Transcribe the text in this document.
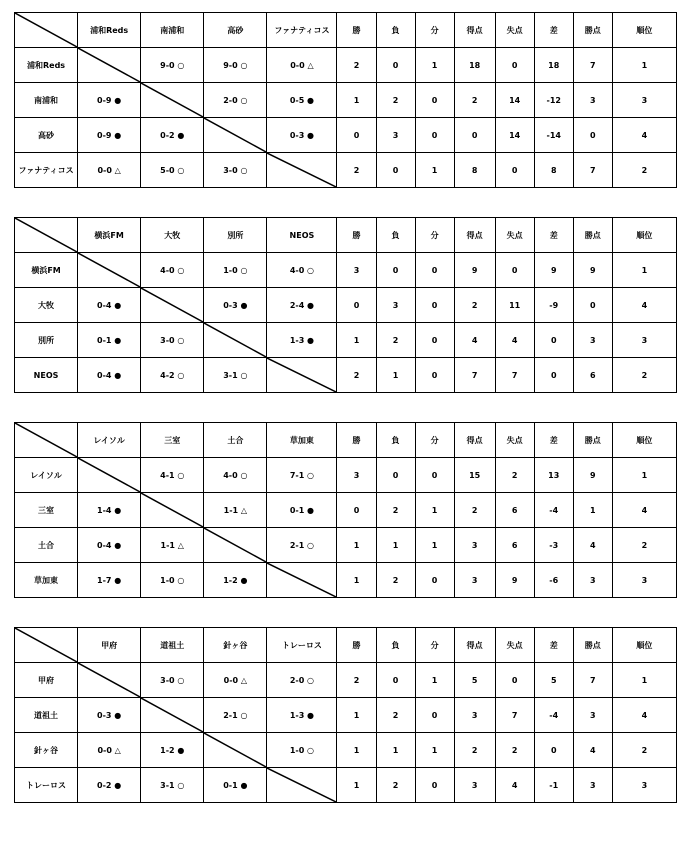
	浦和Reds	南浦和	高砂	ファナティコス	勝	負	分	得点	失点	差	勝点	順位
浦和Reds		9-0 ○	9-0 ○	0-0 △	2	0	1	18	0	18	7	1
南浦和	0-9 ●		2-0 ○	0-5 ●	1	2	0	2	14	-12	3	3
高砂	0-9 ●	0-2 ●		0-3 ●	0	3	0	0	14	-14	0	4
ファナティコス	0-0 △	5-0 ○	3-0 ○		2	0	1	8	0	8	7	2
	横浜FM	大牧	別所	NEOS	勝	負	分	得点	失点	差	勝点	順位
横浜FM		4-0 ○	1-0 ○	4-0 ○	3	0	0	9	0	9	9	1
大牧	0-4 ●		0-3 ●	2-4 ●	0	3	0	2	11	-9	0	4
別所	0-1 ●	3-0 ○		1-3 ●	1	2	0	4	4	0	3	3
NEOS	0-4 ●	4-2 ○	3-1 ○		2	1	0	7	7	0	6	2
	レイソル	三室	土合	草加東	勝	負	分	得点	失点	差	勝点	順位
レイソル		4-1 ○	4-0 ○	7-1 ○	3	0	0	15	2	13	9	1
三室	1-4 ●		1-1 △	0-1 ●	0	2	1	2	6	-4	1	4
土合	0-4 ●	1-1 △		2-1 ○	1	1	1	3	6	-3	4	2
草加東	1-7 ●	1-0 ○	1-2 ●		1	2	0	3	9	-6	3	3
	甲府	道祖土	針ヶ谷	トレーロス	勝	負	分	得点	失点	差	勝点	順位
甲府		3-0 ○	0-0 △	2-0 ○	2	0	1	5	0	5	7	1
道祖土	0-3 ●		2-1 ○	1-3 ●	1	2	0	3	7	-4	3	4
針ヶ谷	0-0 △	1-2 ●		1-0 ○	1	1	1	2	2	0	4	2
トレーロス	0-2 ●	3-1 ○	0-1 ●		1	2	0	3	4	-1	3	3
